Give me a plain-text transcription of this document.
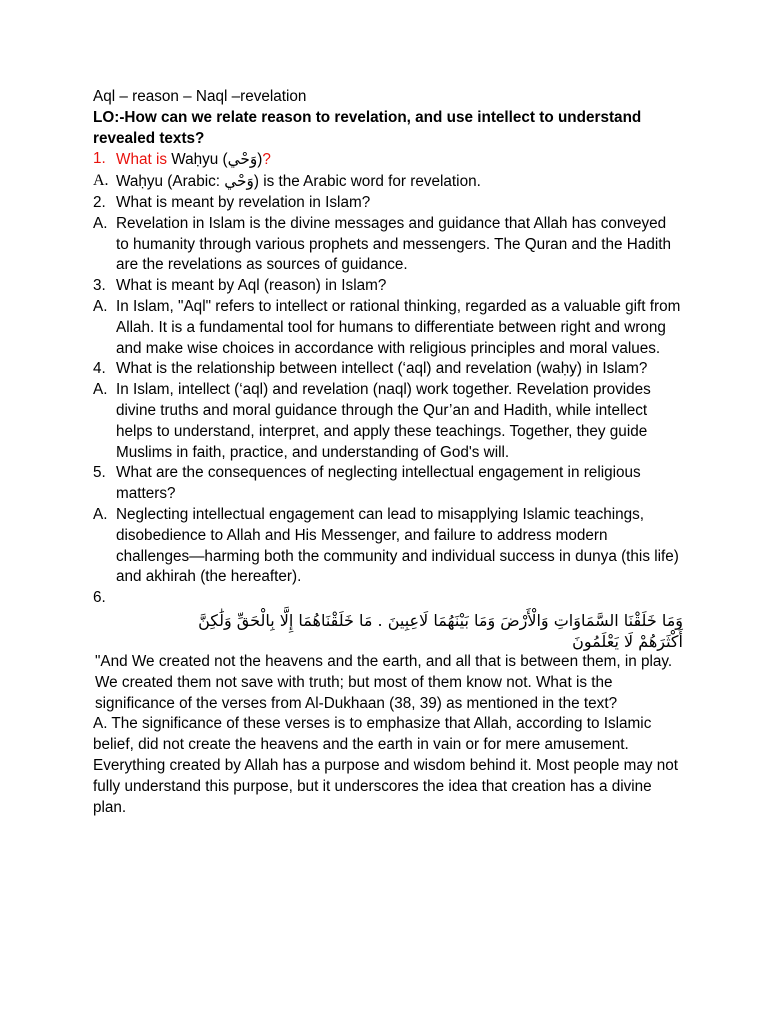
Aql – reason – Naql –revelation
LO:-How can we relate reason to revelation, and use intellect to understand revealed texts?
1. What is Waḥyu (وَحْي)?
A. Waḥyu (Arabic: وَحْي) is the Arabic word for revelation.
2. What is meant by revelation in Islam?
A. Revelation in Islam is the divine messages and guidance that Allah has conveyed to humanity through various prophets and messengers. The Quran and the Hadith are the revelations as sources of guidance.
3. What is meant by Aql (reason) in Islam?
A. In Islam, "Aql" refers to intellect or rational thinking, regarded as a valuable gift from Allah. It is a fundamental tool for humans to differentiate between right and wrong and make wise choices in accordance with religious principles and moral values.
4. What is the relationship between intellect (‘aql) and revelation (waḥy) in Islam?
A. In Islam, intellect (‘aql) and revelation (naql) work together. Revelation provides divine truths and moral guidance through the Qur’an and Hadith, while intellect helps to understand, interpret, and apply these teachings. Together, they guide Muslims in faith, practice, and understanding of God's will.
5. What are the consequences of neglecting intellectual engagement in religious matters?
A. Neglecting intellectual engagement can lead to misapplying Islamic teachings, disobedience to Allah and His Messenger, and failure to address modern challenges—harming both the community and individual success in dunya (this life) and akhirah (the hereafter).
6.

وَمَا خَلَقْنَا السَّمَاوَاتِ وَالْأَرْضَ وَمَا بَيْنَهُمَا لَاعِبِينَ . مَا خَلَقْنَاهُمَا إِلَّا بِالْحَقِّ وَلَٰكِنَّ
أَكْثَرَهُمْ لَا يَعْلَمُونَ
"And We created not the heavens and the earth, and all that is between them, in play. We created them not save with truth; but most of them know not. What is the significance of the verses from Al-Dukhaan (38, 39) as mentioned in the text?
A. The significance of these verses is to emphasize that Allah, according to Islamic belief, did not create the heavens and the earth in vain or for mere amusement. Everything created by Allah has a purpose and wisdom behind it. Most people may not fully understand this purpose, but it underscores the idea that creation has a divine plan.
